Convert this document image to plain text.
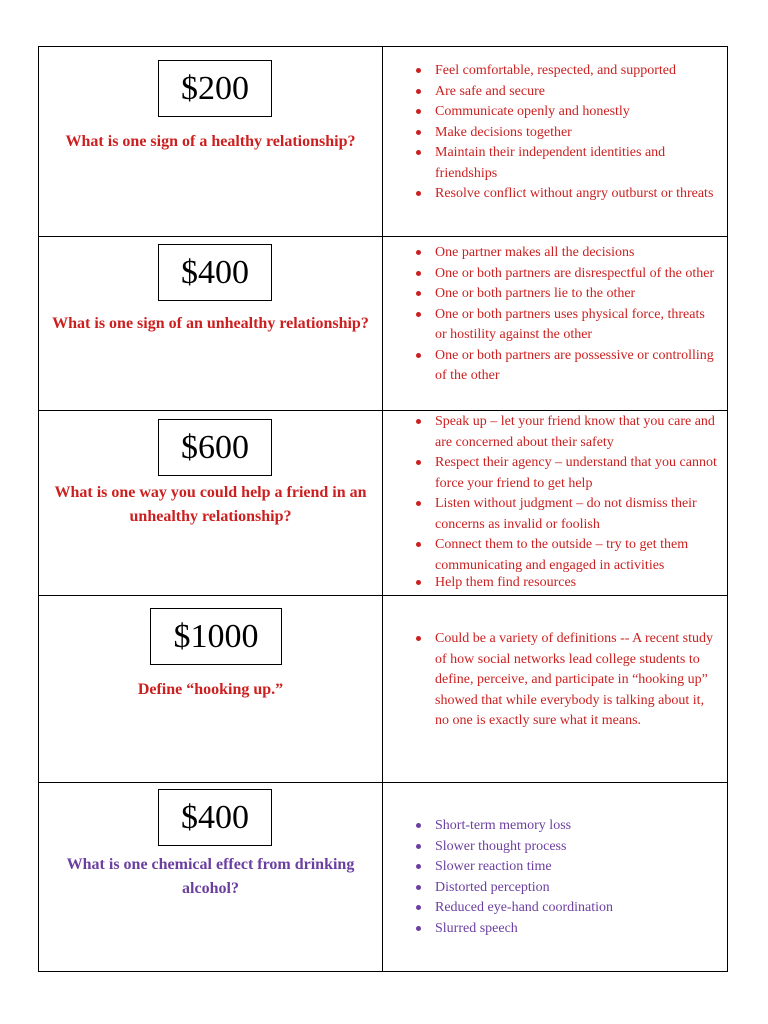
$200
What is one sign of a healthy relationship?
Feel comfortable, respected, and supported
Are safe and secure
Communicate openly and honestly
Make decisions together
Maintain their independent identities and friendships
Resolve conflict without angry outburst or threats
$400
What is one sign of an unhealthy relationship?
One partner makes all the decisions
One or both partners are disrespectful of the other
One or both partners lie to the other
One or both partners uses physical force, threats or hostility against the other
One or both partners are possessive or controlling of the other
$600
What is one way you could help a friend in an unhealthy relationship?
Speak up – let your friend know that you care and are concerned about their safety
Respect their agency – understand that you cannot force your friend to get help
Listen without judgment – do not dismiss their concerns as invalid or foolish
Connect them to the outside – try to get them communicating and engaged in activities
Help them find resources
$1000
Define “hooking up.”
Could be a variety of definitions -- A recent study of how social networks lead college students to define, perceive, and participate in “hooking up” showed that while everybody is talking about it, no one is exactly sure what it means.
$400
What is one chemical effect from drinking alcohol?
Short-term memory loss
Slower thought process
Slower reaction time
Distorted perception
Reduced eye-hand coordination
Slurred speech
